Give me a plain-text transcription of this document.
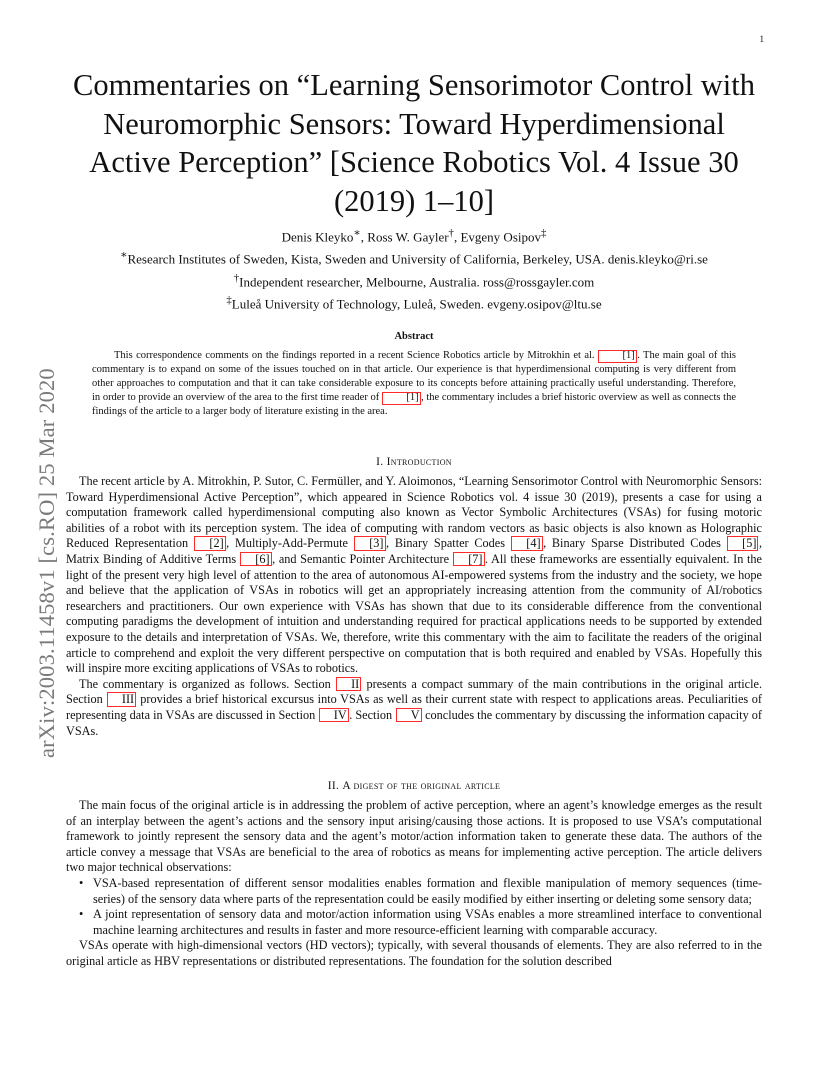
1
arXiv:2003.11458v1 [cs.RO] 25 Mar 2020
Commentaries on “Learning Sensorimotor Control with Neuromorphic Sensors: Toward Hyperdimensional Active Perception” [Science Robotics Vol. 4 Issue 30 (2019) 1–10]
Denis Kleyko∗, Ross W. Gayler†, Evgeny Osipov‡
∗Research Institutes of Sweden, Kista, Sweden and University of California, Berkeley, USA. denis.kleyko@ri.se
†Independent researcher, Melbourne, Australia. ross@rossgayler.com
‡Luleå University of Technology, Luleå, Sweden. evgeny.osipov@ltu.se
Abstract

This correspondence comments on the findings reported in a recent Science Robotics article by Mitrokhin et al. [1] . The main goal of this commentary is to expand on some of the issues touched on in that article. Our experience is that hyperdimensional computing is very different from other approaches to computation and that it can take considerable exposure to its concepts before attaining practically useful understanding. Therefore, in order to provide an overview of the area to the first time reader of [1] , the commentary includes a brief historic overview as well as connects the findings of the article to a larger body of literature existing in the area.

I. Introduction

The recent article by A. Mitrokhin, P. Sutor, C. Fermüller, and Y. Aloimonos, “Learning Sensorimotor Control with Neuromorphic Sensors: Toward Hyperdimensional Active Perception”, which appeared in Science Robotics vol. 4 issue 30 (2019), presents a case for using a computation framework called hyperdimensional computing also known as Vector Symbolic Architectures (VSAs) for fusing motoric abilities of a robot with its perception system. The idea of computing with random vectors as basic objects is also known as Holographic Reduced Representation [2] , Multiply-Add-Permute [3] , Binary Spatter Codes [4] , Binary Sparse Distributed Codes [5] , Matrix Binding of Additive Terms [6] , and Semantic Pointer Architecture [7] . All these frameworks are essentially equivalent. In the light of the present very high level of attention to the area of autonomous AI-empowered systems from the industry and the society, we hope and believe that the application of VSAs in robotics will get an appropriately increasing attention from the community of AI/robotics researchers and practitioners. Our own experience with VSAs has shown that due to its considerable difference from the conventional computing paradigms the development of intuition and understanding required for practical applications needs to be supported by extended exposure to the details and interpretation of VSAs. We, therefore, write this commentary with the aim to facilitate the readers of the original article to comprehend and exploit the very different perspective on computation that is both required and enabled by VSAs. Hopefully this will inspire more exciting applications of VSAs to robotics.

The commentary is organized as follows. Section II presents a compact summary of the main contributions in the original article. Section III provides a brief historical excursus into VSAs as well as their current state with respect to applications areas. Peculiarities of representing data in VSAs are discussed in Section IV . Section V concludes the commentary by discussing the information capacity of VSAs.

II. A digest of the original article

The main focus of the original article is in addressing the problem of active perception, where an agent’s knowledge emerges as the result of an interplay between the agent’s actions and the sensory input arising/causing those actions. It is proposed to use VSA’s computational framework to jointly represent the sensory data and the agent’s motor/action information taken to generate these data. The authors of the article convey a message that VSAs are beneficial to the area of robotics as means for implementing active perception. The article delivers two major technical observations:

• VSA-based representation of different sensor modalities enables formation and flexible manipulation of memory sequences (time-series) of the sensory data where parts of the representation could be easily modified by either inserting or deleting some sensory data;
• A joint representation of sensory data and motor/action information using VSAs enables a more streamlined interface to conventional machine learning architectures and results in faster and more resource-efficient learning with comparable accuracy.

VSAs operate with high-dimensional vectors (HD vectors); typically, with several thousands of elements. They are also referred to in the original article as HBV representations or distributed representations. The foundation for the solution described
